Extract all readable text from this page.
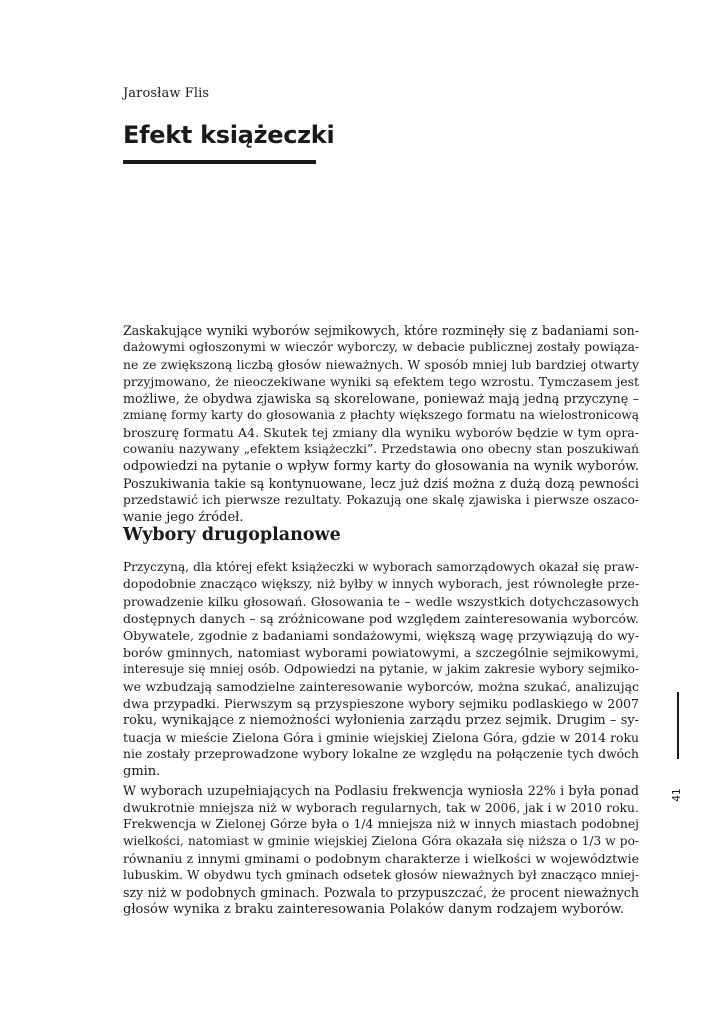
Jarosław Flis
Efekt książeczki
Zaskakujące wyniki wyborów sejmikowych, które rozminęły się z badaniami son-
dażowymi ogłoszonymi w wieczór wyborczy, w debacie publicznej zostały powiąza-
ne ze zwiększoną liczbą głosów nieważnych. W sposób mniej lub bardziej otwarty
przyjmowano, że nieoczekiwane wyniki są efektem tego wzrostu. Tymczasem jest
możliwe, że obydwa zjawiska są skorelowane, ponieważ mają jedną przyczynę –
zmianę formy karty do głosowania z płachty większego formatu na wielostronicową
broszurę formatu A4. Skutek tej zmiany dla wyniku wyborów będzie w tym opra-
cowaniu nazywany „efektem książeczki”. Przedstawia ono obecny stan poszukiwań
odpowiedzi na pytanie o wpływ formy karty do głosowania na wynik wyborów.
Poszukiwania takie są kontynuowane, lecz już dziś można z dużą dozą pewności
przedstawić ich pierwsze rezultaty. Pokazują one skalę zjawiska i pierwsze oszaco-
wanie jego źródeł.
Wybory drugoplanowe
Przyczyną, dla której efekt książeczki w wyborach samorządowych okazał się praw-
dopodobnie znacząco większy, niż byłby w innych wyborach, jest równoległe prze-
prowadzenie kilku głosowań. Głosowania te – wedle wszystkich dotychczasowych
dostępnych danych – są zróżnicowane pod względem zainteresowania wyborców.
Obywatele, zgodnie z badaniami sondażowymi, większą wagę przywiązują do wy-
borów gminnych, natomiast wyborami powiatowymi, a szczególnie sejmikowymi,
interesuje się mniej osób. Odpowiedzi na pytanie, w jakim zakresie wybory sejmiko-
we wzbudzają samodzielne zainteresowanie wyborców, można szukać, analizując
dwa przypadki. Pierwszym są przyspieszone wybory sejmiku podlaskiego w 2007
roku, wynikające z niemożności wyłonienia zarządu przez sejmik. Drugim – sy-
tuacja w mieście Zielona Góra i gminie wiejskiej Zielona Góra, gdzie w 2014 roku
nie zostały przeprowadzone wybory lokalne ze względu na połączenie tych dwóch
gmin.
W wyborach uzupełniających na Podlasiu frekwencja wyniosła 22% i była ponad
dwukrotnie mniejsza niż w wyborach regularnych, tak w 2006, jak i w 2010 roku.
Frekwencja w Zielonej Górze była o 1/4 mniejsza niż w innych miastach podobnej
wielkości, natomiast w gminie wiejskiej Zielona Góra okazała się niższa o 1/3 w po-
równaniu z innymi gminami o podobnym charakterze i wielkości w województwie
lubuskim. W obydwu tych gminach odsetek głosów nieważnych był znacząco mniej-
szy niż w podobnych gminach. Pozwala to przypuszczać, że procent nieważnych
głosów wynika z braku zainteresowania Polaków danym rodzajem wyborów.
41
